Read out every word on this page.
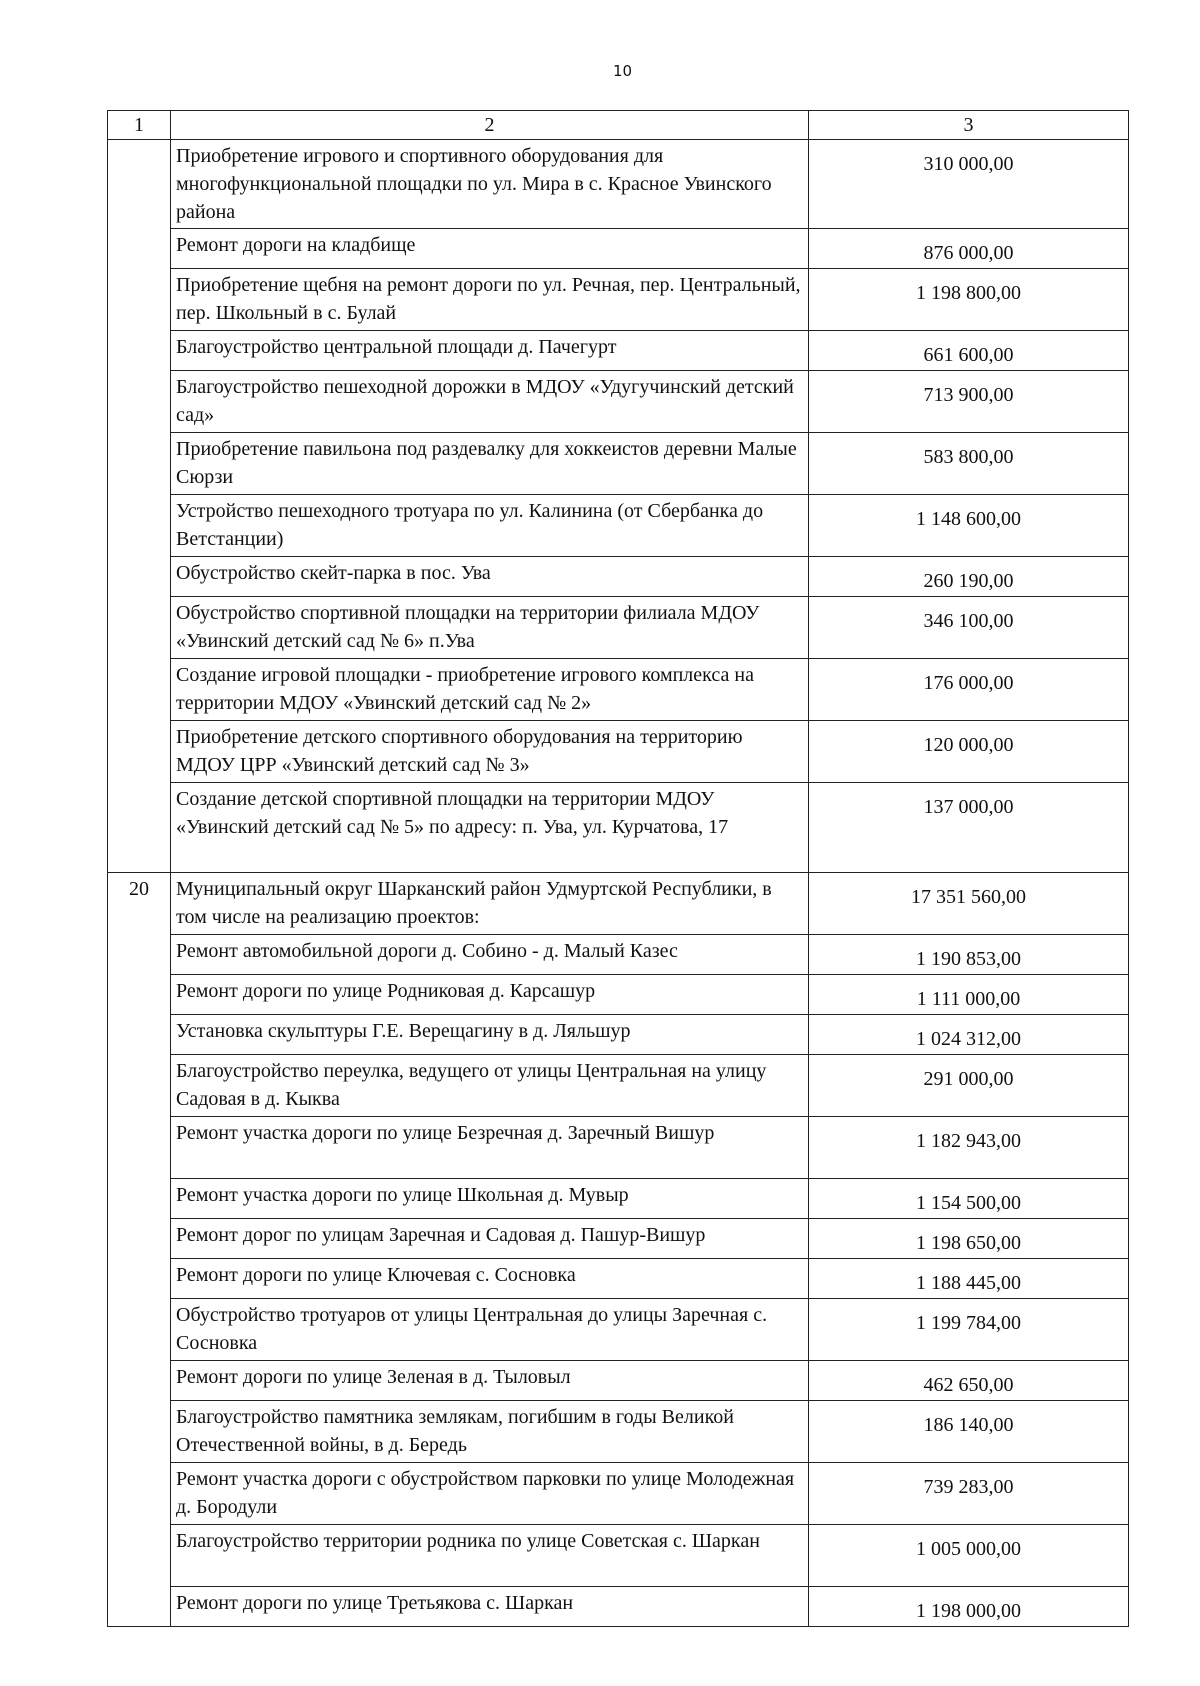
10
1	2	3
	Приобретение игрового и спортивного оборудования для многофункциональной площадки по ул. Мира в с. Красное Увинского района	310 000,00
	Ремонт дороги на кладбище	876 000,00
	Приобретение щебня на ремонт дороги по ул. Речная, пер. Центральный, пер. Школьный в с. Булай	1 198 800,00
	Благоустройство центральной площади д. Пачегурт	661 600,00
	Благоустройство пешеходной дорожки в МДОУ «Удугучинский детский сад»	713 900,00
	Приобретение павильона под раздевалку для хоккеистов деревни Малые Сюрзи	583 800,00
	Устройство пешеходного тротуара по ул. Калинина (от Сбербанка до Ветстанции)	1 148 600,00
	Обустройство скейт-парка в пос. Ува	260 190,00
	Обустройство спортивной площадки на территории филиала МДОУ «Увинский детский сад № 6» п.Ува	346 100,00
	Создание игровой площадки - приобретение игрового комплекса на территории МДОУ «Увинский детский сад № 2»	176 000,00
	Приобретение детского спортивного оборудования на территорию МДОУ ЦРР «Увинский детский сад № 3»	120 000,00
	Создание детской спортивной площадки на территории МДОУ «Увинский детский сад № 5» по адресу: п. Ува, ул. Курчатова, 17	137 000,00
20	Муниципальный округ Шарканский район Удмуртской Республики, в том числе на реализацию проектов:	17 351 560,00
	Ремонт автомобильной дороги д. Собино - д. Малый Казес	1 190 853,00
	Ремонт дороги по улице Родниковая д. Карсашур	1 111 000,00
	Установка скульптуры Г.Е. Верещагину в д. Ляльшур	1 024 312,00
	Благоустройство переулка, ведущего от улицы Центральная на улицу Садовая в д. Кыква	291 000,00
	Ремонт участка дороги по улице Безречная д. Заречный Вишур	1 182 943,00
	Ремонт участка дороги по улице Школьная д. Мувыр	1 154 500,00
	Ремонт дорог по улицам Заречная и Садовая д. Пашур-Вишур	1 198 650,00
	Ремонт дороги по улице Ключевая с. Сосновка	1 188 445,00
	Обустройство тротуаров от улицы Центральная до улицы Заречная с. Сосновка	1 199 784,00
	Ремонт дороги по улице Зеленая в д. Тыловыл	462 650,00
	Благоустройство памятника землякам, погибшим в годы Великой Отечественной войны, в д. Бередь	186 140,00
	Ремонт участка дороги с обустройством парковки по улице Молодежная д. Бородули	739 283,00
	Благоустройство территории родника по улице Советская с. Шаркан	1 005 000,00
	Ремонт дороги по улице Третьякова с. Шаркан	1 198 000,00
